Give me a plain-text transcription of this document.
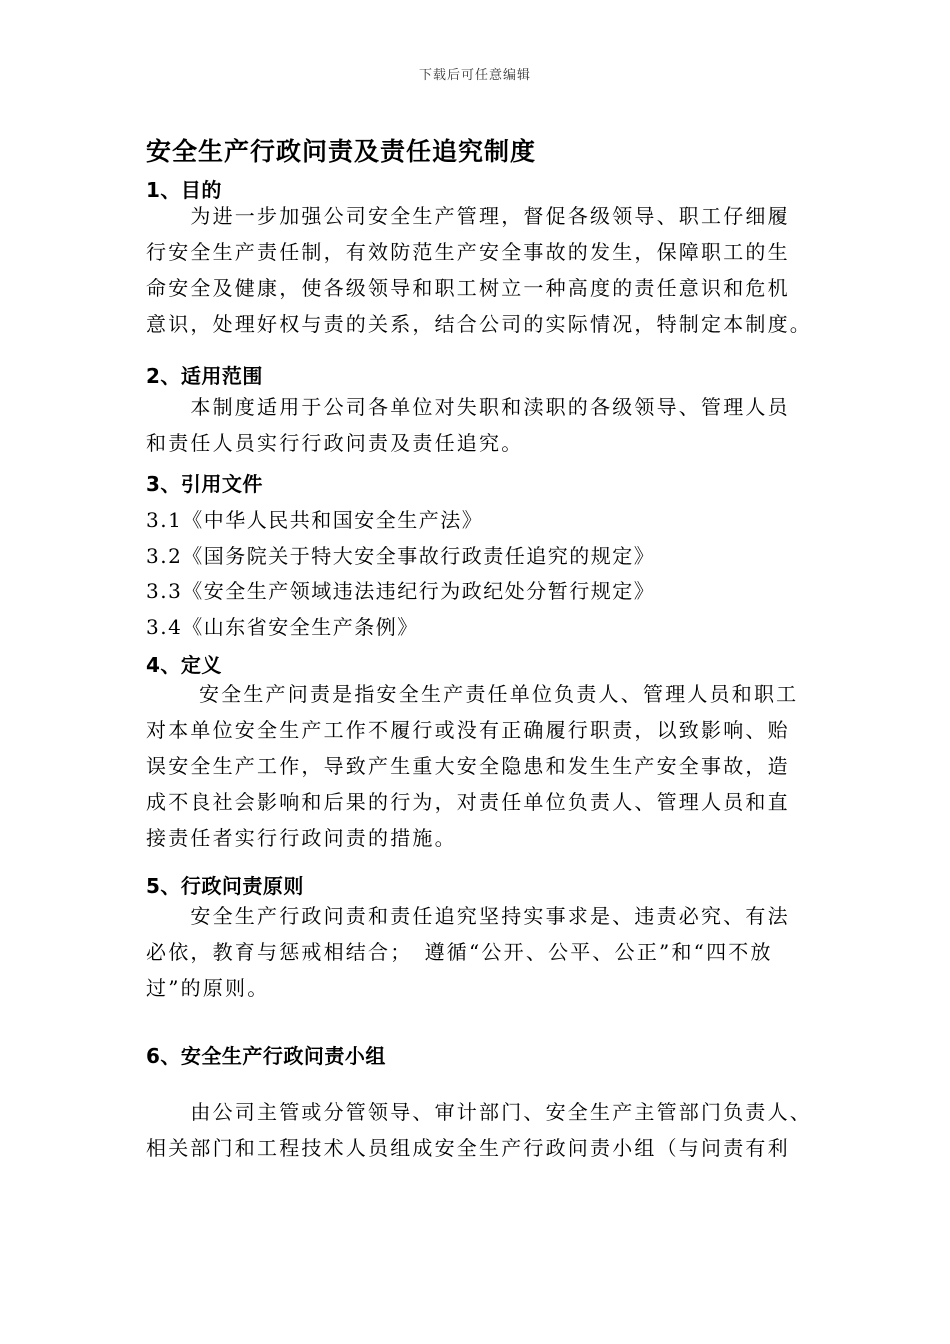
下载后可任意编辑
安全生产行政问责及责任追究制度
1、目的
　　为进一步加强公司安全生产管理，督促各级领导、职工仔细履
行安全生产责任制，有效防范生产安全事故的发生，保障职工的生
命安全及健康，使各级领导和职工树立一种高度的责任意识和危机
意识，处理好权与责的关系，结合公司的实际情况，特制定本制度。
2、适用范围
　　本制度适用于公司各单位对失职和渎职的各级领导、管理人员
和责任人员实行行政问责及责任追究。
3、引用文件
3.1《中华人民共和国安全生产法》
3.2《国务院关于特大安全事故行政责任追究的规定》
3.3《安全生产领域违法违纪行为政纪处分暂行规定》
3.4《山东省安全生产条例》
4、定义
　　 安全生产问责是指安全生产责任单位负责人、管理人员和职工
对本单位安全生产工作不履行或没有正确履行职责，以致影响、贻
误安全生产工作，导致产生重大安全隐患和发生生产安全事故，造
成不良社会影响和后果的行为，对责任单位负责人、管理人员和直
接责任者实行行政问责的措施。
5、行政问责原则
　　安全生产行政问责和责任追究坚持实事求是、违责必究、有法
必依，教育与惩戒相结合；　遵循“公开、公平、公正”和“四不放
过”的原则。
6、安全生产行政问责小组
　　由公司主管或分管领导、审计部门、安全生产主管部门负责人、
相关部门和工程技术人员组成安全生产行政问责小组（与问责有利
